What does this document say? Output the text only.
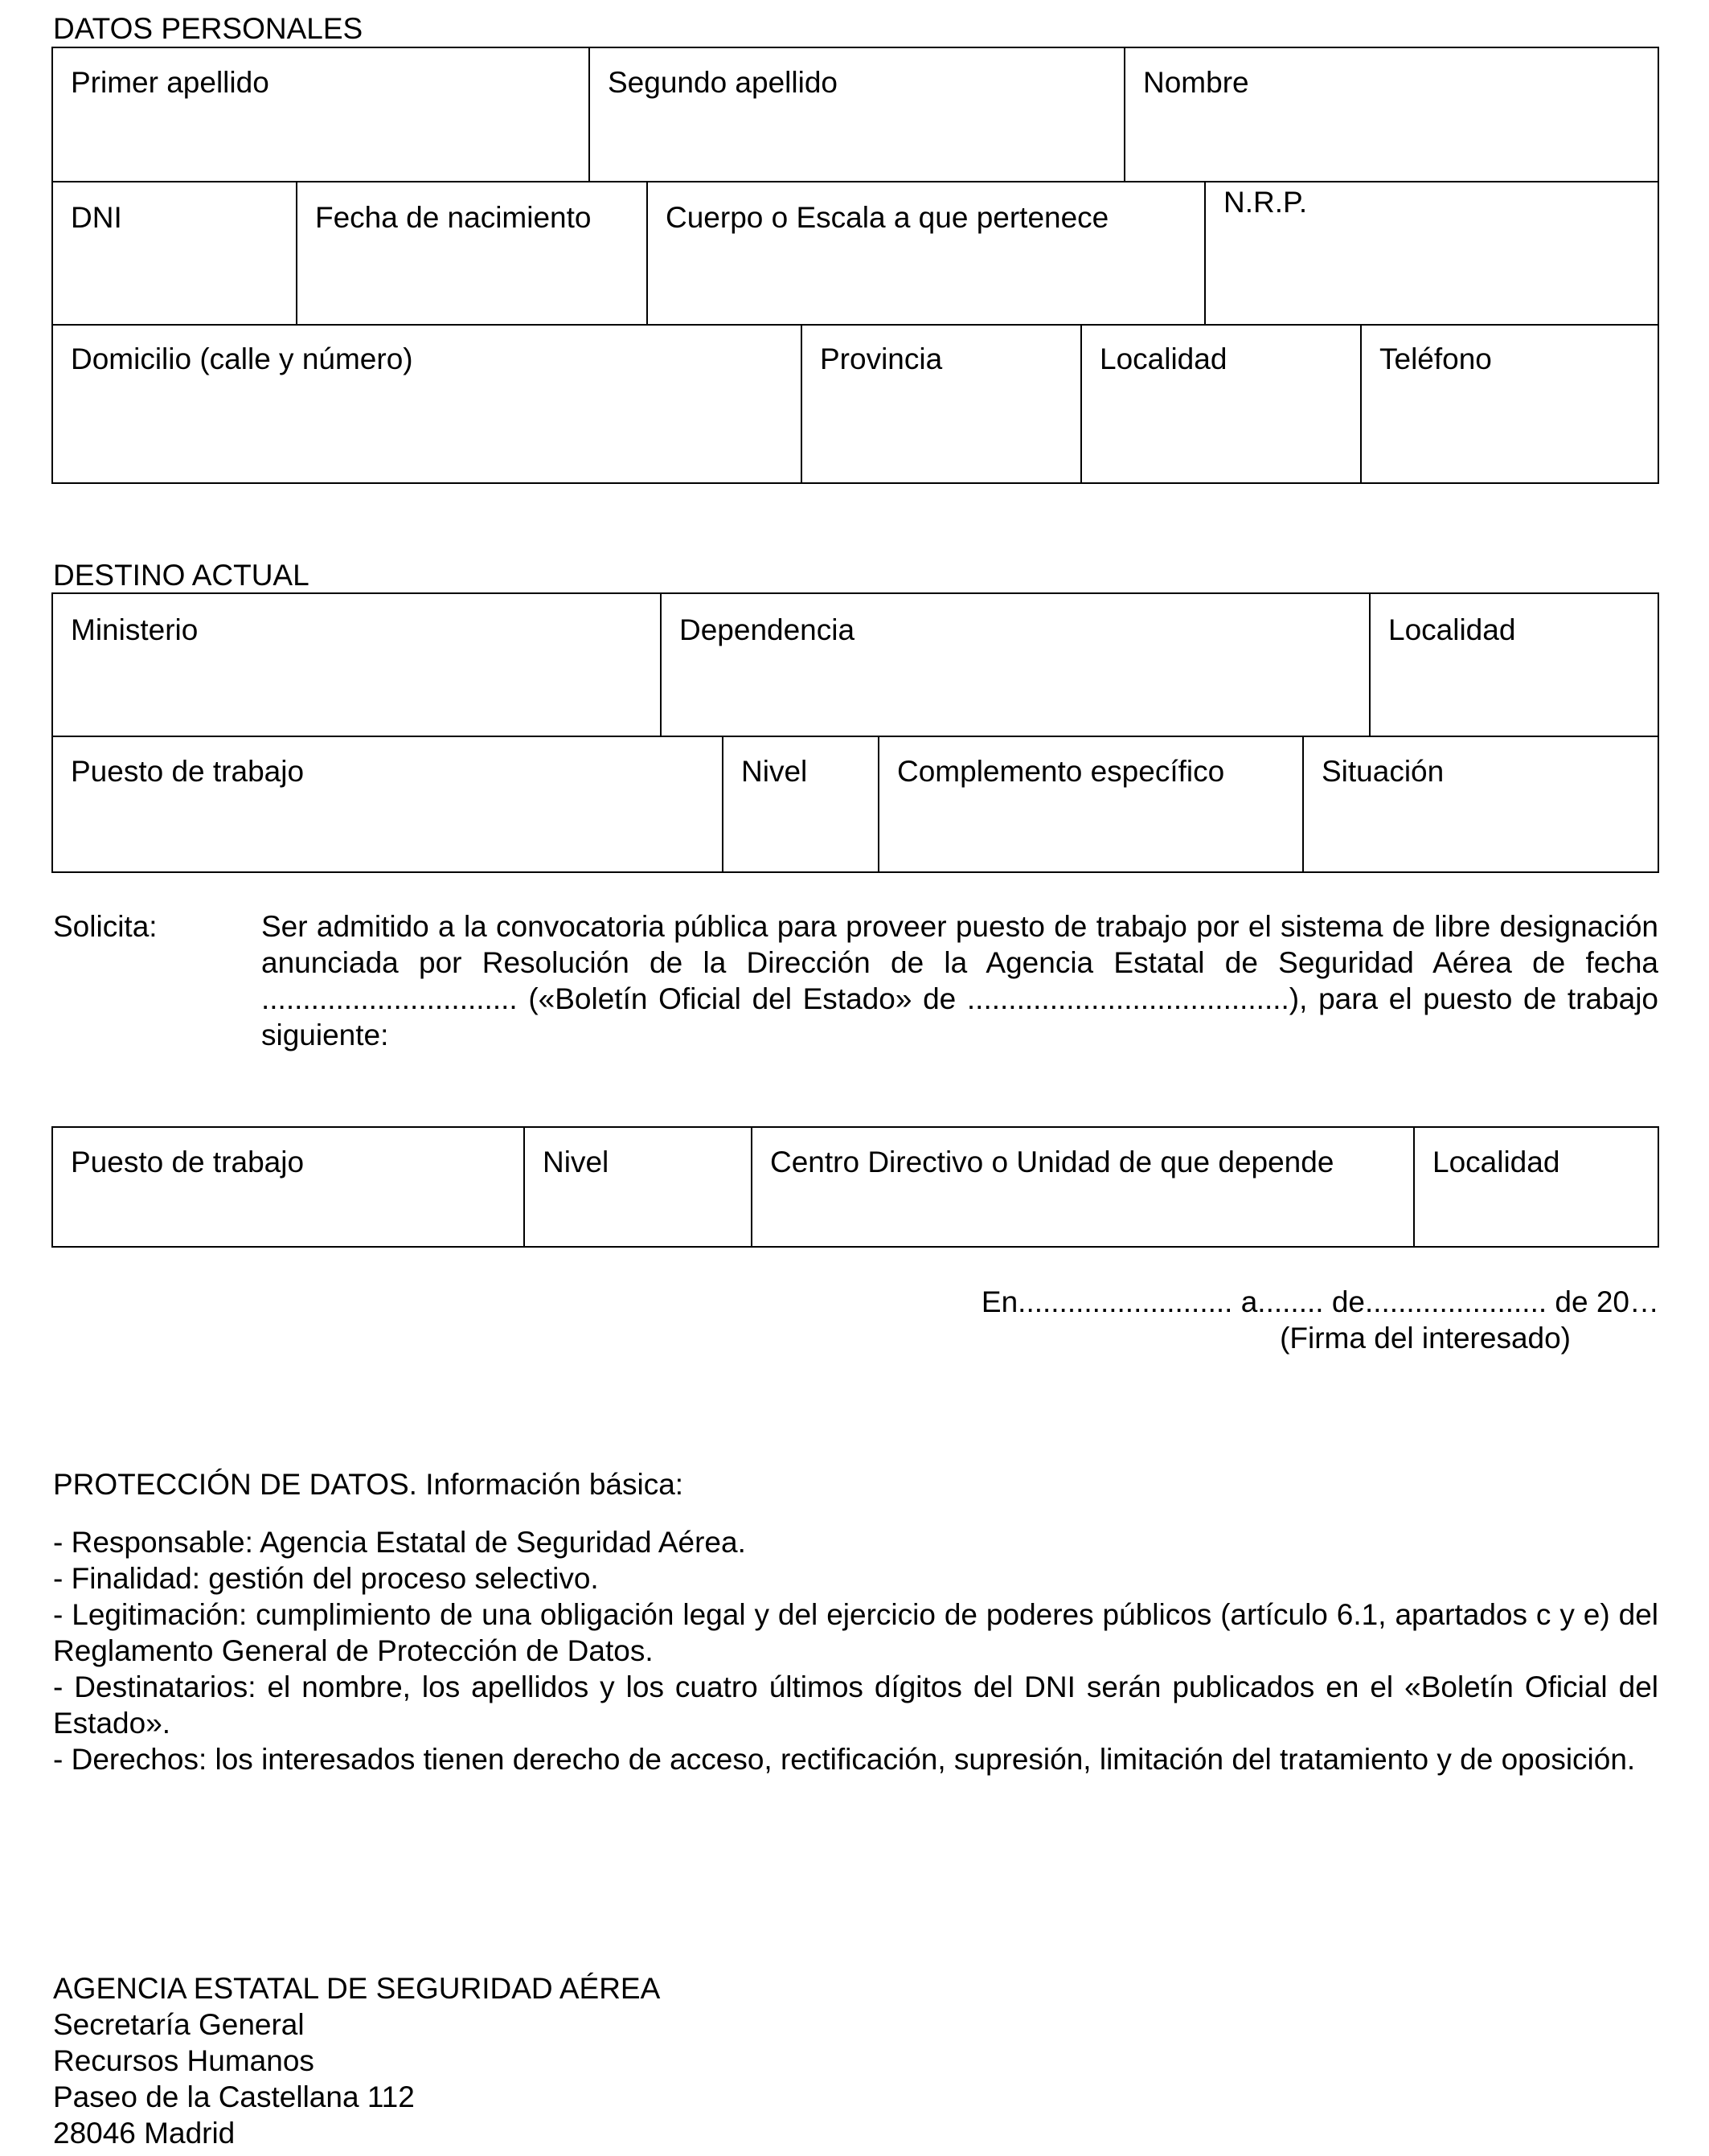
DATOS PERSONALES
Primer apellido	Segundo apellido	Nombre
DNI	Fecha de nacimiento	Cuerpo o Escala a que pertenece	N.R.P.
Domicilio (calle y número)	Provincia	Localidad	Teléfono
DESTINO ACTUAL
Ministerio	Dependencia	Localidad
Puesto de trabajo	Nivel	Complemento específico	Situación
Solicita:	Ser admitido a la convocatoria pública para proveer puesto de trabajo por el sistema de libre designación anunciada por Resolución de la Dirección de la Agencia Estatal de Seguridad Aérea de fecha ............................... («Boletín Oficial del Estado» de .......................................), para el puesto de trabajo siguiente:
Puesto de trabajo	Nivel	Centro Directivo o Unidad de que depende	Localidad
En.......................... a........ de...................... de 20…
(Firma del interesado)
PROTECCIÓN DE DATOS. Información básica:
- Responsable: Agencia Estatal de Seguridad Aérea.
- Finalidad: gestión del proceso selectivo.
- Legitimación: cumplimiento de una obligación legal y del ejercicio de poderes públicos (artículo 6.1, apartados c y e) del Reglamento General de Protección de Datos.
- Destinatarios: el nombre, los apellidos y los cuatro últimos dígitos del DNI serán publicados en el «Boletín Oficial del Estado».
- Derechos: los interesados tienen derecho de acceso, rectificación, supresión, limitación del tratamiento y de oposición.
AGENCIA ESTATAL DE SEGURIDAD AÉREA
Secretaría General
Recursos Humanos
Paseo de la Castellana 112
28046 Madrid
